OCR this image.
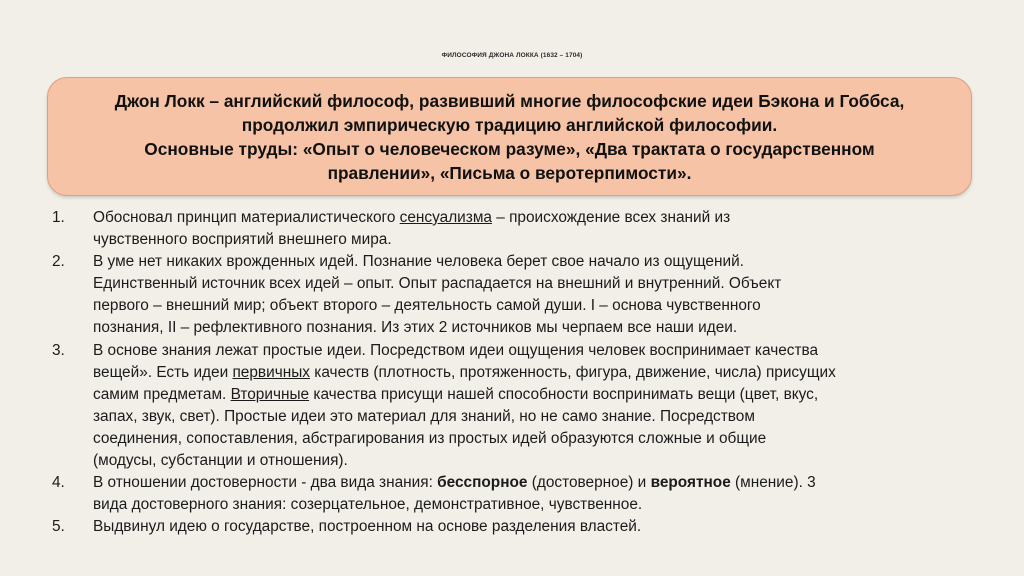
ФИЛОСОФИЯ ДЖОНА ЛОККА (1632 – 1704)
Джон Локк – английский философ, развивший многие философские идеи Бэкона и Гоббса,
продолжил эмпирическую традицию английской философии.
Основные труды: «Опыт о человеческом разуме», «Два трактата о государственном
правлении», «Письма о веротерпимости».
1.	Обосновал принцип материалистического сенсуализма – происхождение всех знаний из
чувственного восприятий внешнего мира.
2.	В уме нет никаких врожденных идей. Познание человека берет свое начало из ощущений.
Единственный источник всех идей – опыт. Опыт распадается на внешний и внутренний. Объект
первого – внешний мир; объект второго – деятельность самой души. I – основа чувственного
познания, II – рефлективного познания. Из этих 2 источников мы черпаем все наши идеи.
3.	В основе знания лежат простые идеи. Посредством идеи ощущения человек воспринимает качества
вещей». Есть идеи первичных качеств (плотность, протяженность, фигура, движение, числа) присущих
самим предметам. Вторичные качества присущи нашей способности воспринимать вещи (цвет, вкус,
запах, звук, свет). Простые идеи это материал для знаний, но не само знание. Посредством
соединения, сопоставления, абстрагирования из простых идей образуются сложные и общие
(модусы, субстанции и отношения).
4.	В отношении достоверности - два вида знания: бесспорное (достоверное) и вероятное (мнение). 3
вида достоверного знания: созерцательное, демонстративное, чувственное.
5.	Выдвинул идею о государстве, построенном на основе разделения властей.
